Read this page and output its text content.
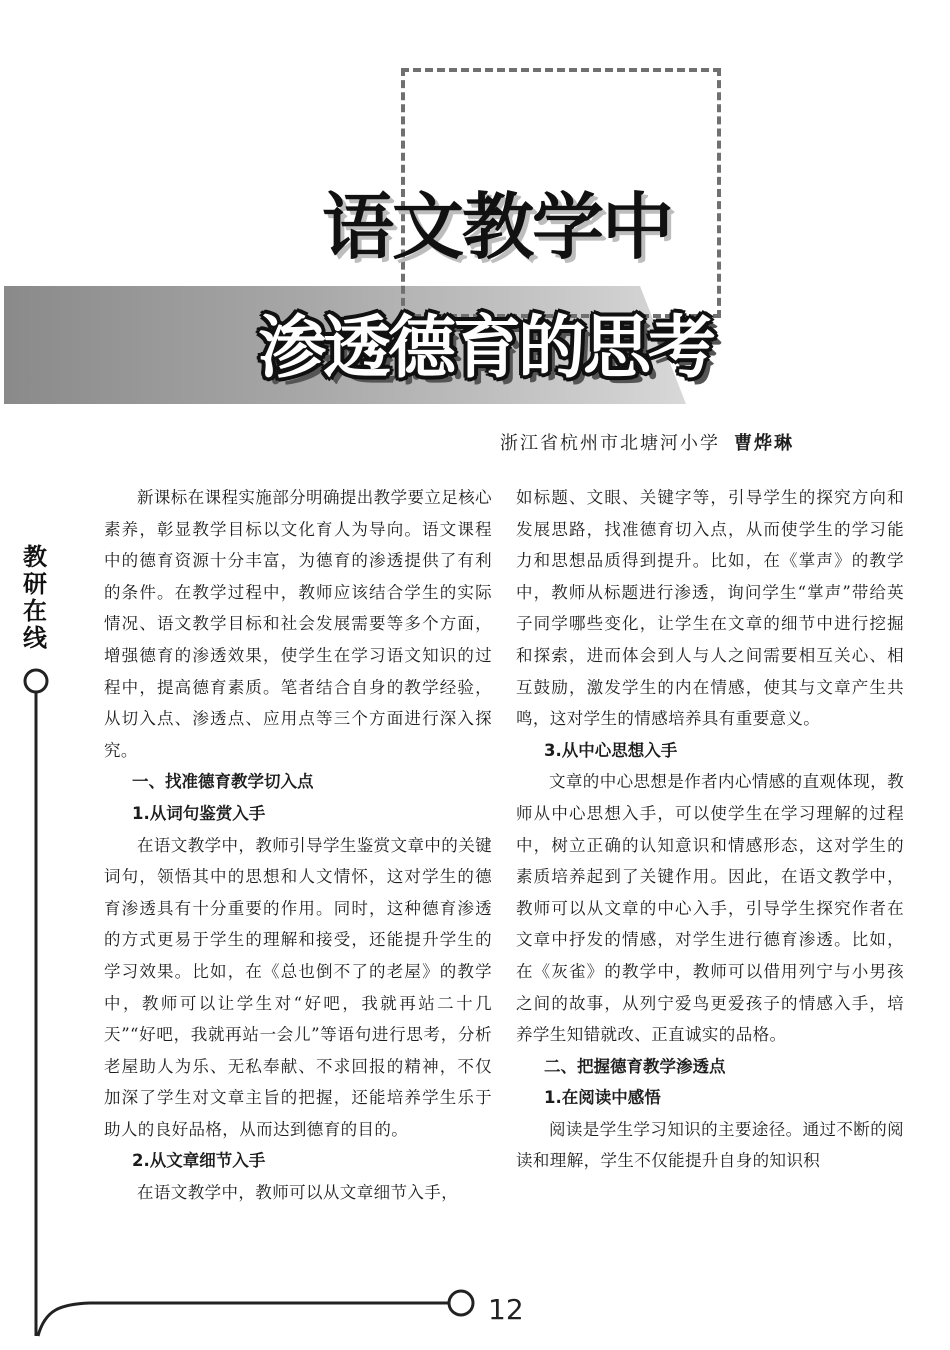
语文教学中
渗透德育的思考
浙江省杭州市北塘河小学 曹烨琳
教
研
在
线
12

新课标在课程实施部分明确提出教学要立足核心素养，彰显教学目标以文化育人为导向。语文课程中的德育资源十分丰富，为德育的渗透提供了有利的条件。在教学过程中，教师应该结合学生的实际情况、语文教学目标和社会发展需要等多个方面，增强德育的渗透效果，使学生在学习语文知识的过程中，提高德育素质。笔者结合自身的教学经验，从切入点、渗透点、应用点等三个方面进行深入探究。

一、找准德育教学切入点
1.从词句鉴赏入手

在语文教学中，教师引导学生鉴赏文章中的关键词句，领悟其中的思想和人文情怀，这对学生的德育渗透具有十分重要的作用。同时，这种德育渗透的方式更易于学生的理解和接受，还能提升学生的学习效果。比如，在《总也倒不了的老屋》的教学中，教师可以让学生对“好吧，我就再站二十几天”“好吧，我就再站一会儿”等语句进行思考，分析老屋助人为乐、无私奉献、不求回报的精神，不仅加深了学生对文章主旨的把握，还能培养学生乐于助人的良好品格，从而达到德育的目的。

2.从文章细节入手

在语文教学中，教师可以从文章细节入手，

如标题、文眼、关键字等，引导学生的探究方向和发展思路，找准德育切入点，从而使学生的学习能力和思想品质得到提升。比如，在《掌声》的教学中，教师从标题进行渗透，询问学生“掌声”带给英子同学哪些变化，让学生在文章的细节中进行挖掘和探索，进而体会到人与人之间需要相互关心、相互鼓励，激发学生的内在情感，使其与文章产生共鸣，这对学生的情感培养具有重要意义。

3.从中心思想入手

文章的中心思想是作者内心情感的直观体现，教师从中心思想入手，可以使学生在学习理解的过程中，树立正确的认知意识和情感形态，这对学生的素质培养起到了关键作用。因此，在语文教学中，教师可以从文章的中心入手，引导学生探究作者在文章中抒发的情感，对学生进行德育渗透。比如，在《灰雀》的教学中，教师可以借用列宁与小男孩之间的故事，从列宁爱鸟更爱孩子的情感入手，培养学生知错就改、正直诚实的品格。

二、把握德育教学渗透点
1.在阅读中感悟

阅读是学生学习知识的主要途径。通过不断的阅读和理解，学生不仅能提升自身的知识积
